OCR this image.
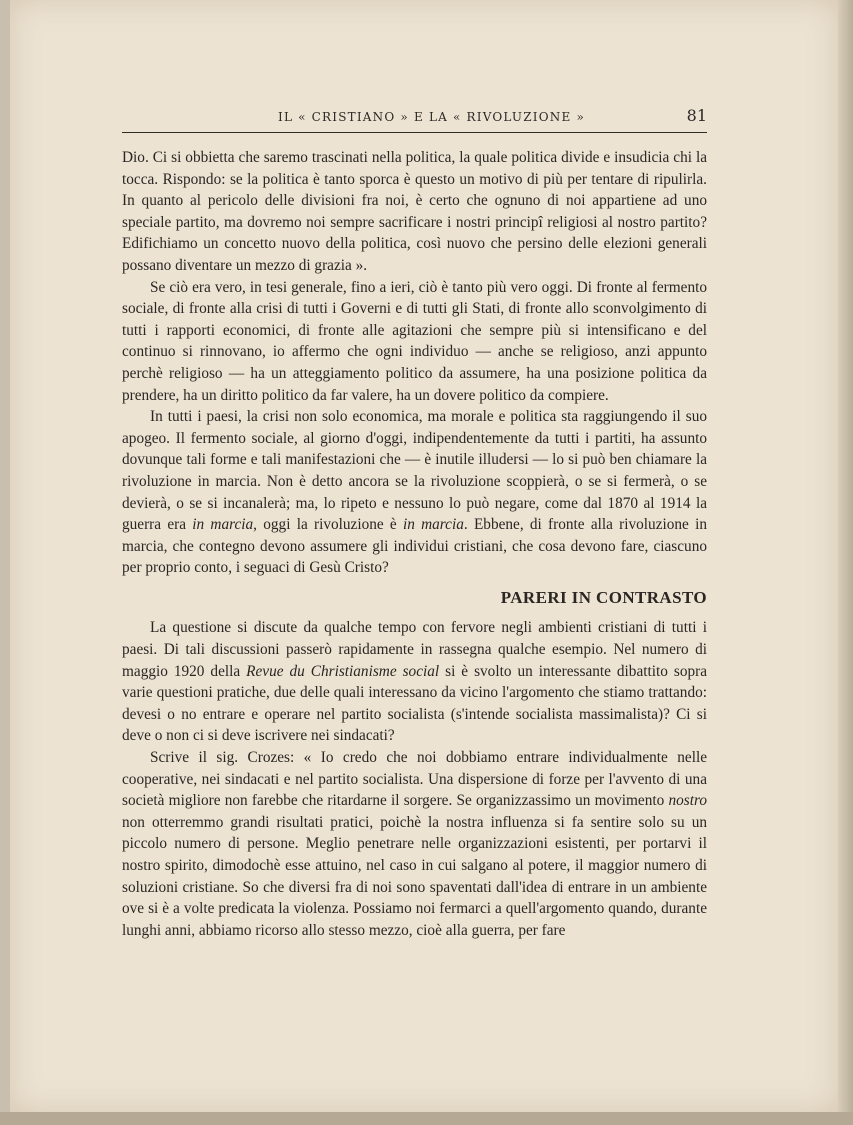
IL « CRISTIANO » E LA « RIVOLUZIONE »	81

Dio. Ci si obbietta che saremo trascinati nella politica, la quale politica divide e insudicia chi la tocca. Rispondo: se la politica è tanto sporca è questo un motivo di più per tentare di ripulirla. In quanto al pericolo delle divisioni fra noi, è certo che ognuno di noi appartiene ad uno speciale partito, ma dovremo noi sempre sacrificare i nostri principî religiosi al nostro partito? Edifichiamo un concetto nuovo della politica, così nuovo che persino delle elezioni generali possano diventare un mezzo di grazia ».

Se ciò era vero, in tesi generale, fino a ieri, ciò è tanto più vero oggi. Di fronte al fermento sociale, di fronte alla crisi di tutti i Governi e di tutti gli Stati, di fronte allo sconvolgimento di tutti i rapporti economici, di fronte alle agitazioni che sempre più si intensificano e del continuo si rinnovano, io affermo che ogni individuo — anche se religioso, anzi appunto perchè religioso — ha un atteggiamento politico da assumere, ha una posizione politica da prendere, ha un diritto politico da far valere, ha un dovere politico da compiere.

In tutti i paesi, la crisi non solo economica, ma morale e politica sta raggiungendo il suo apogeo. Il fermento sociale, al giorno d'oggi, indipendentemente da tutti i partiti, ha assunto dovunque tali forme e tali manifestazioni che — è inutile illudersi — lo si può ben chiamare la rivoluzione in marcia. Non è detto ancora se la rivoluzione scoppierà, o se si fermerà, o se devierà, o se si incanalerà; ma, lo ripeto e nessuno lo può negare, come dal 1870 al 1914 la guerra era in marcia, oggi la rivoluzione è in marcia. Ebbene, di fronte alla rivoluzione in marcia, che contegno devono assumere gli individui cristiani, che cosa devono fare, ciascuno per proprio conto, i seguaci di Gesù Cristo?

PARERI IN CONTRASTO

La questione si discute da qualche tempo con fervore negli ambienti cristiani di tutti i paesi. Di tali discussioni passerò rapidamente in rassegna qualche esempio. Nel numero di maggio 1920 della Revue du Christianisme social si è svolto un interessante dibattito sopra varie questioni pratiche, due delle quali interessano da vicino l'argomento che stiamo trattando: devesi o no entrare e operare nel partito socialista (s'intende socialista massimalista)? Ci si deve o non ci si deve iscrivere nei sindacati?

Scrive il sig. Crozes: « Io credo che noi dobbiamo entrare individualmente nelle cooperative, nei sindacati e nel partito socialista. Una dispersione di forze per l'avvento di una società migliore non farebbe che ritardarne il sorgere. Se organizzassimo un movimento nostro non otterremmo grandi risultati pratici, poichè la nostra influenza si fa sentire solo su un piccolo numero di persone. Meglio penetrare nelle organizzazioni esistenti, per portarvi il nostro spirito, dimodochè esse attuino, nel caso in cui salgano al potere, il maggior numero di soluzioni cristiane. So che diversi fra di noi sono spaventati dall'idea di entrare in un ambiente ove si è a volte predicata la violenza. Possiamo noi fermarci a quell'argomento quando, durante lunghi anni, abbiamo ricorso allo stesso mezzo, cioè alla guerra, per fare
